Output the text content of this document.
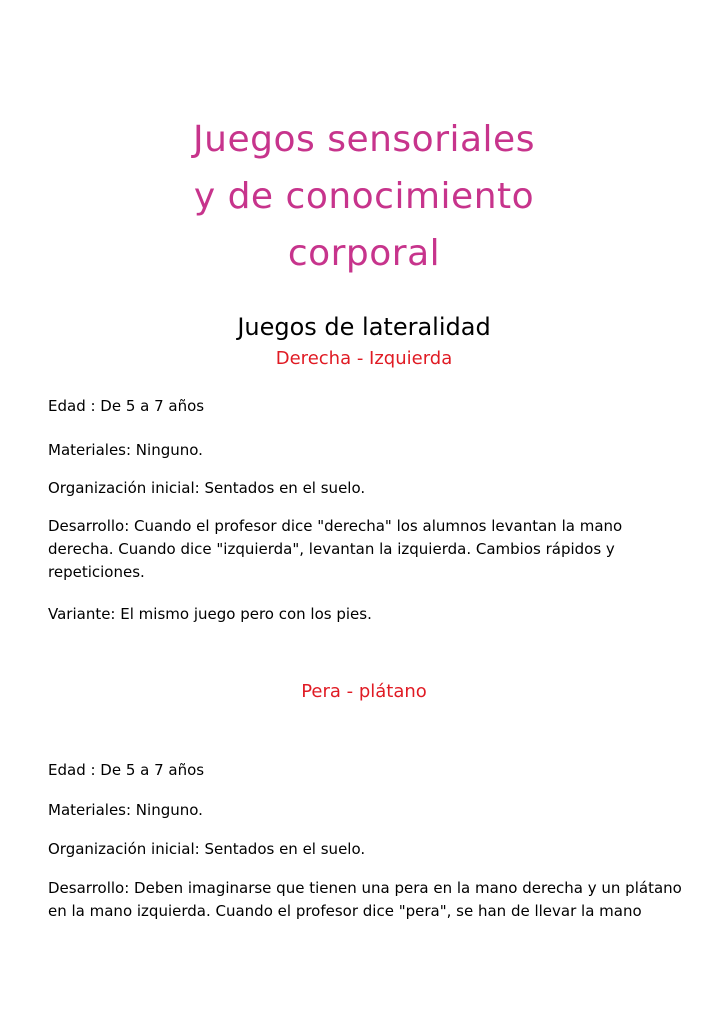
Juegos sensoriales
y de conocimiento
corporal
Juegos de lateralidad
Derecha - Izquierda

Edad : De 5 a 7 años

Materiales: Ninguno.

Organización inicial: Sentados en el suelo.

Desarrollo: Cuando el profesor dice "derecha" los alumnos levantan la mano

derecha. Cuando dice "izquierda", levantan la izquierda. Cambios rápidos y

repeticiones.

Variante: El mismo juego pero con los pies.

Pera - plátano

Edad : De 5 a 7 años

Materiales: Ninguno.

Organización inicial: Sentados en el suelo.

Desarrollo: Deben imaginarse que tienen una pera en la mano derecha y un plátano

en la mano izquierda. Cuando el profesor dice "pera", se han de llevar la mano
